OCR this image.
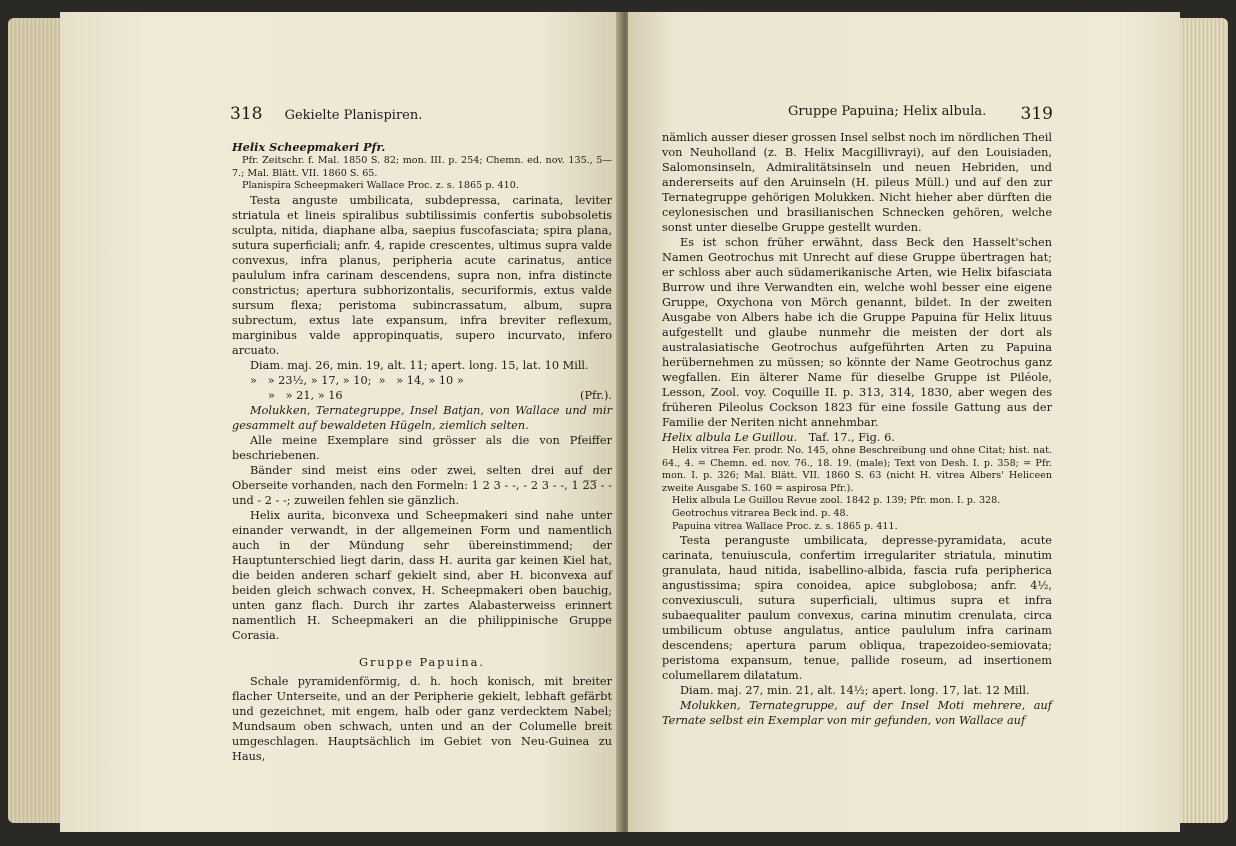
318 Gekielte Planispiren.

Helix Scheepmakeri Pfr.

Pfr. Zeitschr. f. Mal. 1850 S. 82; mon. III. p. 254; Chemn. ed. nov. 135., 5—7.; Mal. Blätt. VII. 1860 S. 65.

Planispira Scheepmakeri Wallace Proc. z. s. 1865 p. 410.

Testa anguste umbilicata, subdepressa, carinata, leviter striatula et lineis spiralibus subtilissimis confertis subobsoletis sculpta, nitida, diaphane alba, saepius fuscofasciata; spira plana, sutura superficiali; anfr. 4, rapide crescentes, ultimus supra valde convexus, infra planus, peripheria acute carinatus, antice paululum infra carinam descendens, supra non, infra distincte constrictus; apertura subhorizontalis, securiformis, extus valde sursum flexa; peristoma subincrassatum, album, supra subrectum, extus late expansum, infra breviter reflexum, marginibus valde appropinquatis, supero incurvato, infero arcuato.

Diam. maj. 26, min. 19, alt. 11; apert. long. 15, lat. 10 Mill.

»   » 23½, » 17, » 10;  »   » 14, » 10 »

»   » 21, » 16	(Pfr.).

Molukken, Ternategruppe, Insel Batjan, von Wallace und mir gesammelt auf bewaldeten Hügeln, ziemlich selten.

Alle meine Exemplare sind grösser als die von Pfeiffer beschriebenen.

Bänder sind meist eins oder zwei, selten drei auf der Oberseite vorhanden, nach den Formeln: 1 2 3 - -, - 2 3 - -, 1 2̅3̅ - - und - 2 - -; zuweilen fehlen sie gänzlich.

Helix aurita, biconvexa und Scheepmakeri sind nahe unter einander verwandt, in der allgemeinen Form und namentlich auch in der Mündung sehr übereinstimmend; der Hauptunterschied liegt darin, dass H. aurita gar keinen Kiel hat, die beiden anderen scharf gekielt sind, aber H. biconvexa auf beiden gleich schwach convex, H. Scheepmakeri oben bauchig, unten ganz flach. Durch ihr zartes Alabasterweiss erinnert namentlich H. Scheepmakeri an die philippinische Gruppe Corasia.

Gruppe Papuina.

Schale pyramidenförmig, d. h. hoch konisch, mit breiter flacher Unterseite, und an der Peripherie gekielt, lebhaft gefärbt und gezeichnet, mit engem, halb oder ganz verdecktem Nabel; Mundsaum oben schwach, unten und an der Columelle breit umgeschlagen. Hauptsächlich im Gebiet von Neu-Guinea zu Haus,

Gruppe Papuina; Helix albula. 319

nämlich ausser dieser grossen Insel selbst noch im nördlichen Theil von Neuholland (z. B. Helix Macgillivrayi), auf den Louisiaden, Salomonsinseln, Admiralitätsinseln und neuen Hebriden, und andererseits auf den Aruinseln (H. pileus Müll.) und auf den zur Ternategruppe gehörigen Molukken. Nicht hieher aber dürften die ceylonesischen und brasilianischen Schnecken gehören, welche sonst unter dieselbe Gruppe gestellt wurden.

Es ist schon früher erwähnt, dass Beck den Hasselt'schen Namen Geotrochus mit Unrecht auf diese Gruppe übertragen hat; er schloss aber auch südamerikanische Arten, wie Helix bifasciata Burrow und ihre Verwandten ein, welche wohl besser eine eigene Gruppe, Oxychona von Mörch genannt, bildet. In der zweiten Ausgabe von Albers habe ich die Gruppe Papuina für Helix lituus aufgestellt und glaube nunmehr die meisten der dort als australasiatische Geotrochus aufgeführten Arten zu Papuina herübernehmen zu müssen; so könnte der Name Geotrochus ganz wegfallen. Ein älterer Name für dieselbe Gruppe ist Piléole, Lesson, Zool. voy. Coquille II. p. 313, 314, 1830, aber wegen des früheren Pileolus Cockson 1823 für eine fossile Gattung aus der Familie der Neriten nicht annehmbar.

Helix albula Le Guillou. Taf. 17., Fig. 6.

Helix vitrea Fer. prodr. No. 145, ohne Beschreibung und ohne Citat; hist. nat. 64., 4. = Chemn. ed. nov. 76., 18. 19. (male); Text von Desh. I. p. 358; = Pfr. mon. I. p. 326; Mal. Blätt. VII. 1860 S. 63 (nicht H. vitrea Albers' Heliceen zweite Ausgabe S. 160 = aspirosa Pfr.).

Helix albula Le Guillou Revue zool. 1842 p. 139; Pfr. mon. I. p. 328.

Geotrochus vitrarea Beck ind. p. 48.

Papuina vitrea Wallace Proc. z. s. 1865 p. 411.

Testa peranguste umbilicata, depresse-pyramidata, acute carinata, tenuiuscula, confertim irregulariter striatula, minutim granulata, haud nitida, isabellino-albida, fascia rufa peripherica angustissima; spira conoidea, apice subglobosa; anfr. 4½, convexiusculi, sutura superficiali, ultimus supra et infra subaequaliter paulum convexus, carina minutim crenulata, circa umbilicum obtuse angulatus, antice paululum infra carinam descendens; apertura parum obliqua, trapezoideo-semiovata; peristoma expansum, tenue, pallide roseum, ad insertionem columellarem dilatatum.

Diam. maj. 27, min. 21, alt. 14½; apert. long. 17, lat. 12 Mill.

Molukken, Ternategruppe, auf der Insel Moti mehrere, auf Ternate selbst ein Exemplar von mir gefunden, von Wallace auf
